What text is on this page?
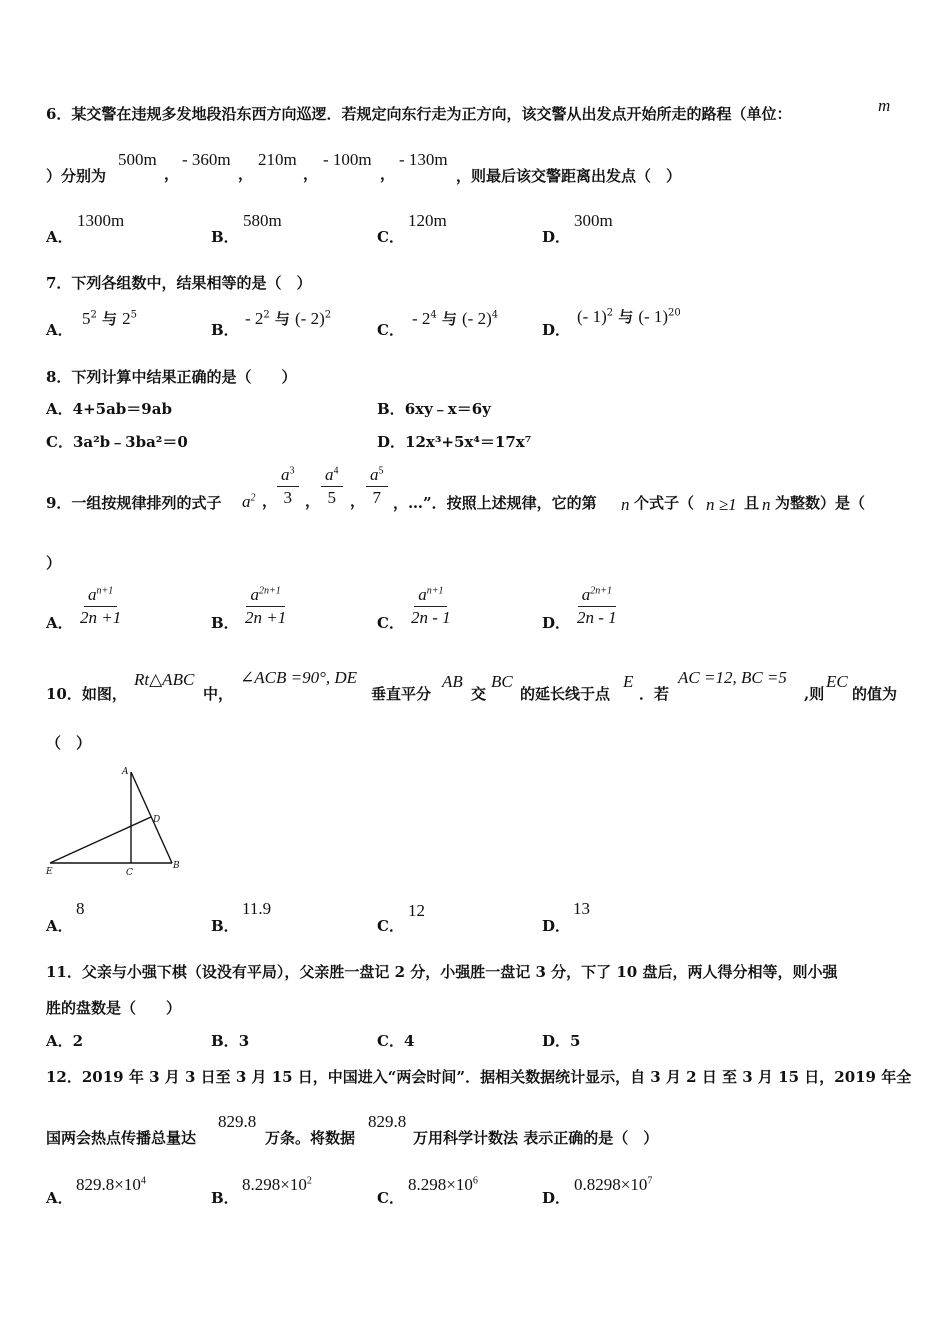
6．某交警在违规多发地段沿东西方向巡逻．若规定向东行走为正方向，该交警从出发点开始所走的路程（单位：	m
）分别为
500m
，
- 360m
，
210m
，
- 100m
，
- 130m
，则最后该交警距离出发点（　）
A．
1300m
B．
580m
C．
120m
D．
300m
7．下列各组数中，结果相等的是（　）
A．
$5^2$ 与 $2^5$
B．
- $2^2$ 与 (- 2)$^2$
C．
- $2^4$ 与 (- 2)$^4$
D．
(- 1)$^2$ 与 (- 1)$^{20}$
8．下列计算中结果正确的是（　　）
A．4+5ab＝9ab	B．6xy﹣x＝6y
C．3a²b﹣3ba²＝0	D．12x³+5x⁴＝17x⁷
9．一组按规律排列的式子 $a^2$ ， $\frac{a^3}{3}$ ， $\frac{a^4}{5}$ ， $\frac{a^5}{7}$ ，…”．按照上述规律，它的第 n 个式子（ n ≥1 且 n 为整数）是（
）
A． $\frac{a^{n+1}}{2n +1}$	B． $\frac{a^{2n+1}}{2n +1}$	C． $\frac{a^{n+1}}{2n - 1}$	D． $\frac{a^{2n+1}}{2n - 1}$
10．如图，
Rt△ABC
中，
∠ACB =90°, DE
垂直平分
AB
交
BC
的延长线于点
E
．若
AC =12, BC =5
,则
EC
的值为
（　）
A
D
E	C
B
A．
8
B．
11.9
C．
12
D．
13
11．父亲与小强下棋（设没有平局），父亲胜一盘记 2 分，小强胜一盘记 3 分，下了 10 盘后，两人得分相等，则小强
胜的盘数是（　　）
A．2	B．3	C．4	D．5
12．2019 年 3 月 3 日至 3 月 15 日，中国进入“两会时间”．据相关数据统计显示，自 3 月 2 日 至 3 月 15 日，2019 年全
国两会热点传播总量达
829.8
万条。将数据
829.8
万用科学计数法 表示正确的是（　）
A．
$829.8\times 10^4$
B．
$8.298\times 10^2$
C．
$8.298\times 10^6$
D．
$0.8298\times 10^7$
